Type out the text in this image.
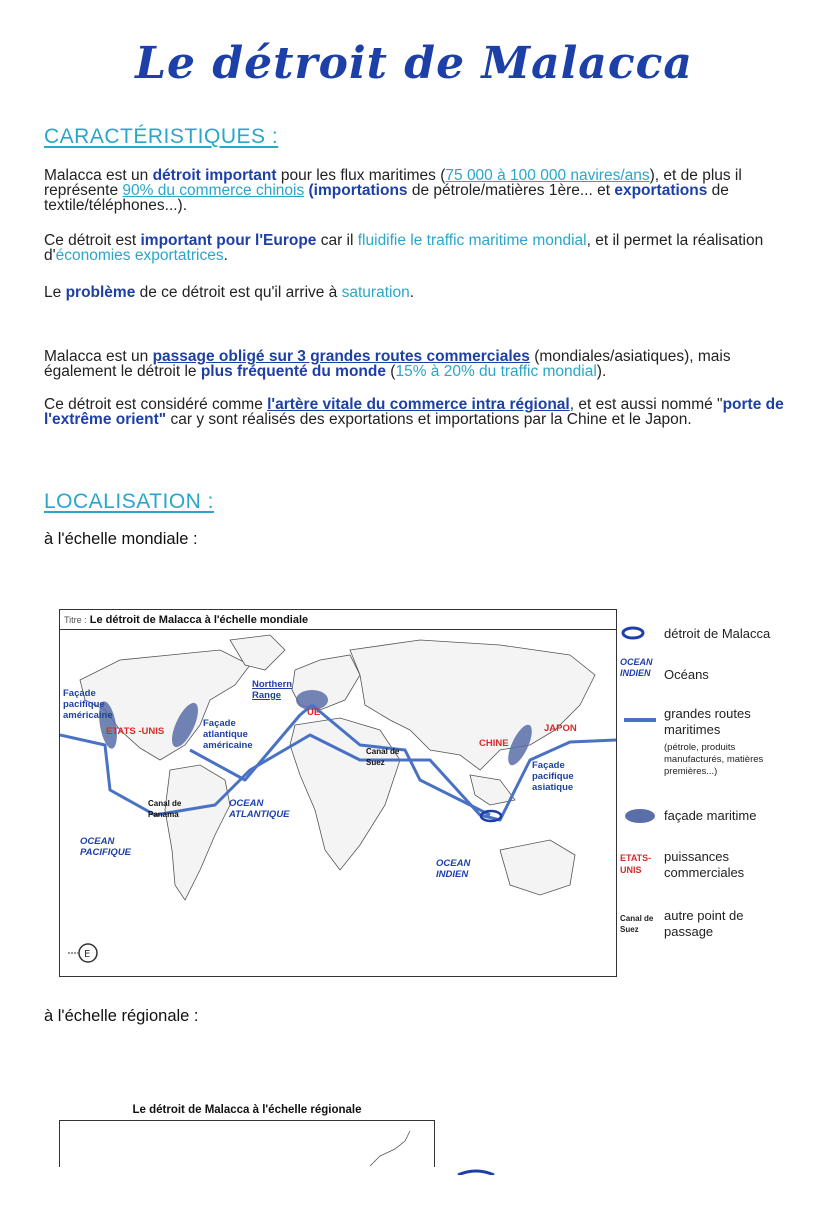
Le détroit de Malacca
CARACTÉRISTIQUES :
Malacca est un détroit important pour les flux maritimes (75 000 à 100 000 navires/ans), et de plus il représente 90% du commerce chinois (importations de pétrole/matières 1ère... et exportations de textile/téléphones...).
Ce détroit est important pour l'Europe car il fluidifie le traffic maritime mondial, et il permet la réalisation d'économies exportatrices.
Le problème de ce détroit est qu'il arrive à saturation.
Malacca est un passage obligé sur 3 grandes routes commerciales (mondiales/asiatiques), mais également le détroit le plus fréquenté du monde (15% à 20% du traffic mondial).
Ce détroit est considéré comme l'artère vitale du commerce intra régional, et est aussi nommé "porte de l'extrême orient" car y sont réalisés des exportations et importations par la Chine et le Japon.
LOCALISATION :
à l'échelle mondiale :
Titre : Le détroit de Malacca à l'échelle mondiale
Façade pacifique américaine
ETATS -UNIS
Façade atlantique américaine
Northern Range
UE
Canal de Suez
CHINE
JAPON
Façade pacifique asiatique
Canal de Panama
OCEAN ATLANTIQUE
OCEAN PACIFIQUE
OCEAN INDIEN
E
détroit de Malacca
OCEAN INDIEN	Océans
grandes routes maritimes
(pétrole, produits manufacturés, matières premières...)
façade maritime
ETATS- UNIS
puissances commerciales
Canal de Suez
autre point de passage
à l'échelle régionale :
Le détroit de Malacca à l'échelle régionale
